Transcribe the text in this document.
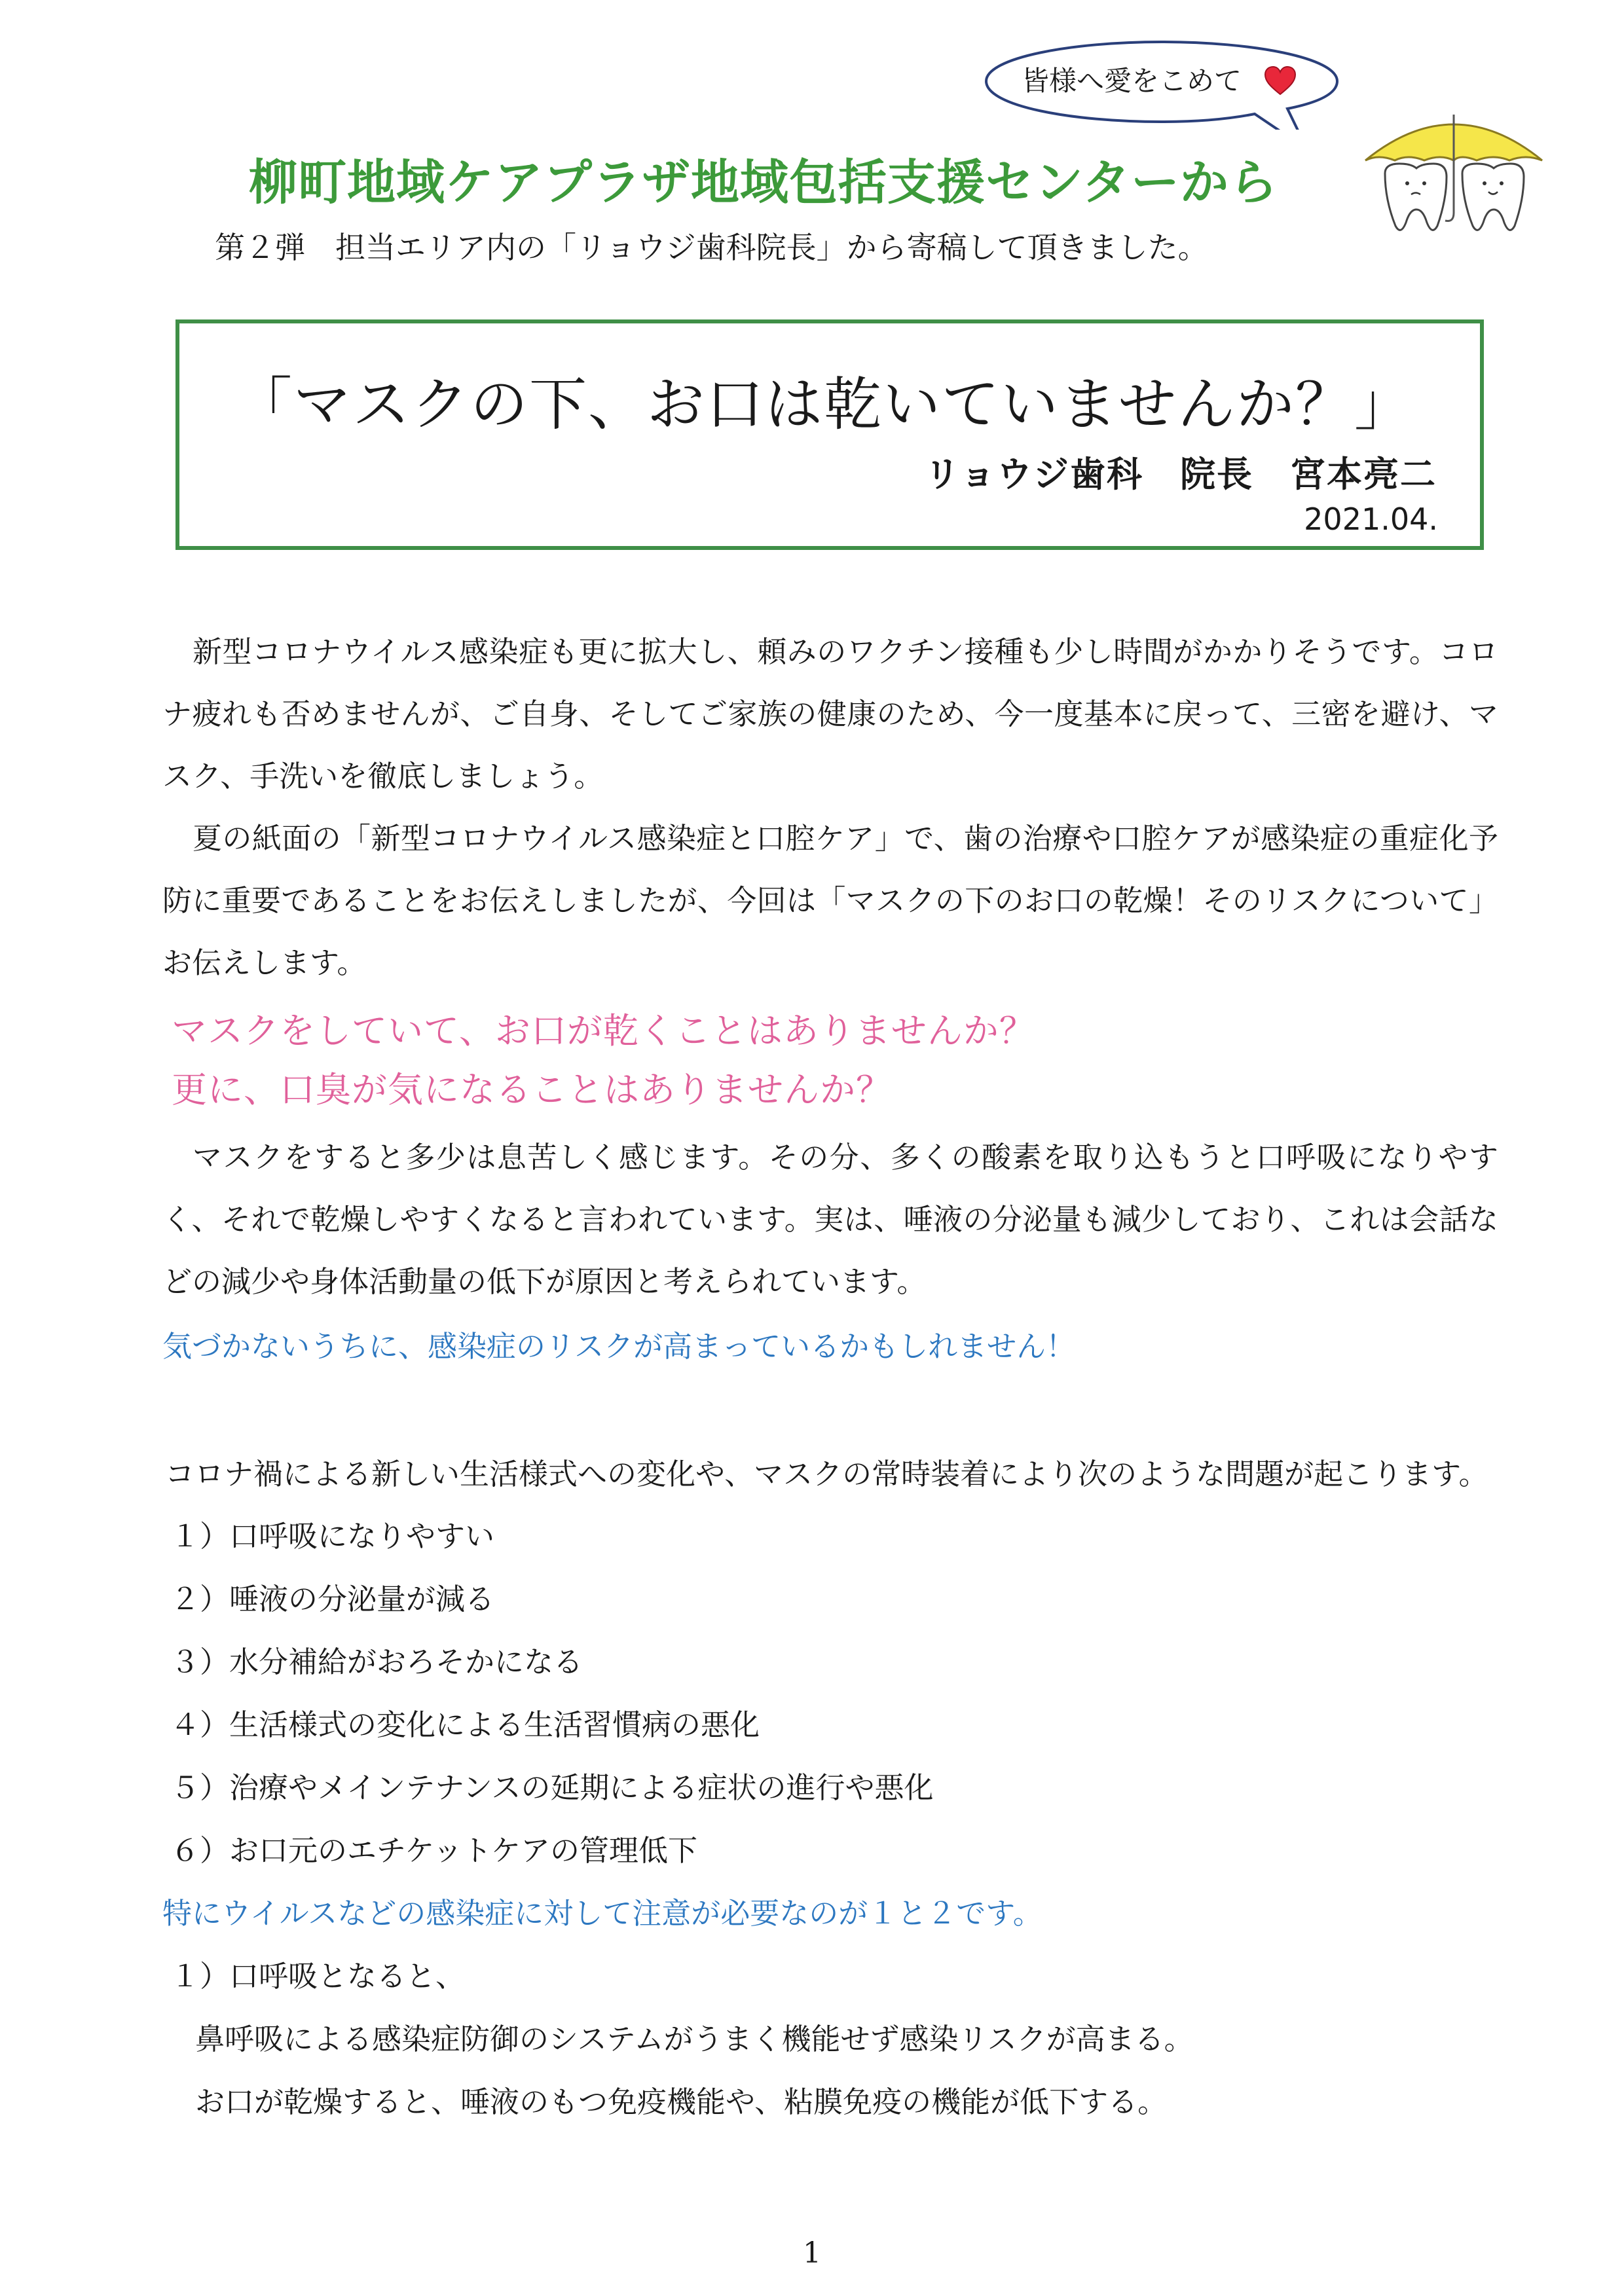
皆様へ愛をこめて
柳町地域ケアプラザ地域包括支援センターから
第２弾　担当エリア内の「リョウジ歯科院長」から寄稿して頂きました。
「マスクの下、お口は乾いていませんか？」
リョウジ歯科　院長　宮本亮二
2021.04.
新型コロナウイルス感染症も更に拡大し、頼みのワクチン接種も少し時間がかかりそうです。コロナ疲れも否めませんが、ご自身、そしてご家族の健康のため、今一度基本に戻って、三密を避け、マスク、手洗いを徹底しましょう。
夏の紙面の「新型コロナウイルス感染症と口腔ケア」で、歯の治療や口腔ケアが感染症の重症化予防に重要であることをお伝えしましたが、今回は「マスクの下のお口の乾燥！そのリスクについて」お伝えします。
マスクをしていて、お口が乾くことはありませんか？
更に、口臭が気になることはありませんか？
マスクをすると多少は息苦しく感じます。その分、多くの酸素を取り込もうと口呼吸になりやすく、それで乾燥しやすくなると言われています。実は、唾液の分泌量も減少しており、これは会話などの減少や身体活動量の低下が原因と考えられています。
気づかないうちに、感染症のリスクが高まっているかもしれません！
コロナ禍による新しい生活様式への変化や、マスクの常時装着により次のような問題が起こります。
１）口呼吸になりやすい
２）唾液の分泌量が減る
３）水分補給がおろそかになる
４）生活様式の変化による生活習慣病の悪化
５）治療やメインテナンスの延期による症状の進行や悪化
６）お口元のエチケットケアの管理低下
特にウイルスなどの感染症に対して注意が必要なのが１と２です。
１）口呼吸となると、
鼻呼吸による感染症防御のシステムがうまく機能せず感染リスクが高まる。
お口が乾燥すると、唾液のもつ免疫機能や、粘膜免疫の機能が低下する。
1
